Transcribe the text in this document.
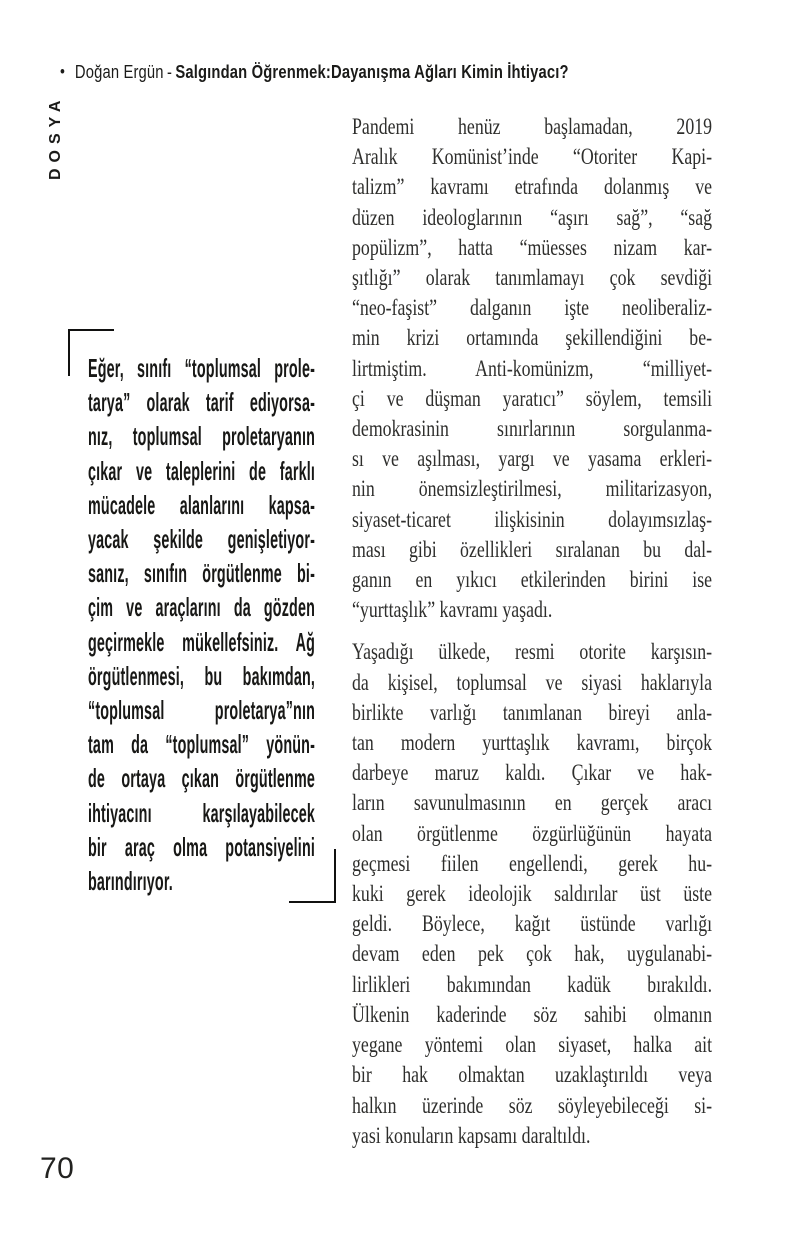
• Doğan Ergün - Salgından Öğrenmek:Dayanışma Ağları Kimin İhtiyacı?
DOSYA
Eğer, sınıfı “toplumsal prole-
tarya” olarak tarif ediyorsa-
nız, toplumsal proletaryanın
çıkar ve taleplerini de farklı
mücadele alanlarını kapsa-
yacak şekilde genişletiyor-
sanız, sınıfın örgütlenme bi-
çim ve araçlarını da gözden
geçirmekle mükellefsiniz. Ağ
örgütlenmesi, bu bakımdan,
“toplumsal proletarya”nın
tam da “toplumsal” yönün-
de ortaya çıkan örgütlenme
ihtiyacını karşılayabilecek
bir araç olma potansiyelini
barındırıyor.
Pandemi henüz başlamadan, 2019
Aralık Komünist’inde “Otoriter Kapi-
talizm” kavramı etrafında dolanmış ve
düzen ideologlarının “aşırı sağ”, “sağ
popülizm”, hatta “müesses nizam kar-
şıtlığı” olarak tanımlamayı çok sevdiği
“neo-faşist” dalganın işte neoliberaliz-
min krizi ortamında şekillendiğini be-
lirtmiştim. Anti-komünizm, “milliyet-
çi ve düşman yaratıcı” söylem, temsili
demokrasinin sınırlarının sorgulanma-
sı ve aşılması, yargı ve yasama erkleri-
nin önemsizleştirilmesi, militarizasyon,
siyaset-ticaret ilişkisinin dolayımsızlaş-
ması gibi özellikleri sıralanan bu dal-
ganın en yıkıcı etkilerinden birini ise
“yurttaşlık” kavramı yaşadı.
Yaşadığı ülkede, resmi otorite karşısın-
da kişisel, toplumsal ve siyasi haklarıyla
birlikte varlığı tanımlanan bireyi anla-
tan modern yurttaşlık kavramı, birçok
darbeye maruz kaldı. Çıkar ve hak-
ların savunulmasının en gerçek aracı
olan örgütlenme özgürlüğünün hayata
geçmesi fiilen engellendi, gerek hu-
kuki gerek ideolojik saldırılar üst üste
geldi. Böylece, kağıt üstünde varlığı
devam eden pek çok hak, uygulanabi-
lirlikleri bakımından kadük bırakıldı.
Ülkenin kaderinde söz sahibi olmanın
yegane yöntemi olan siyaset, halka ait
bir hak olmaktan uzaklaştırıldı veya
halkın üzerinde söz söyleyebileceği si-
yasi konuların kapsamı daraltıldı.
70
